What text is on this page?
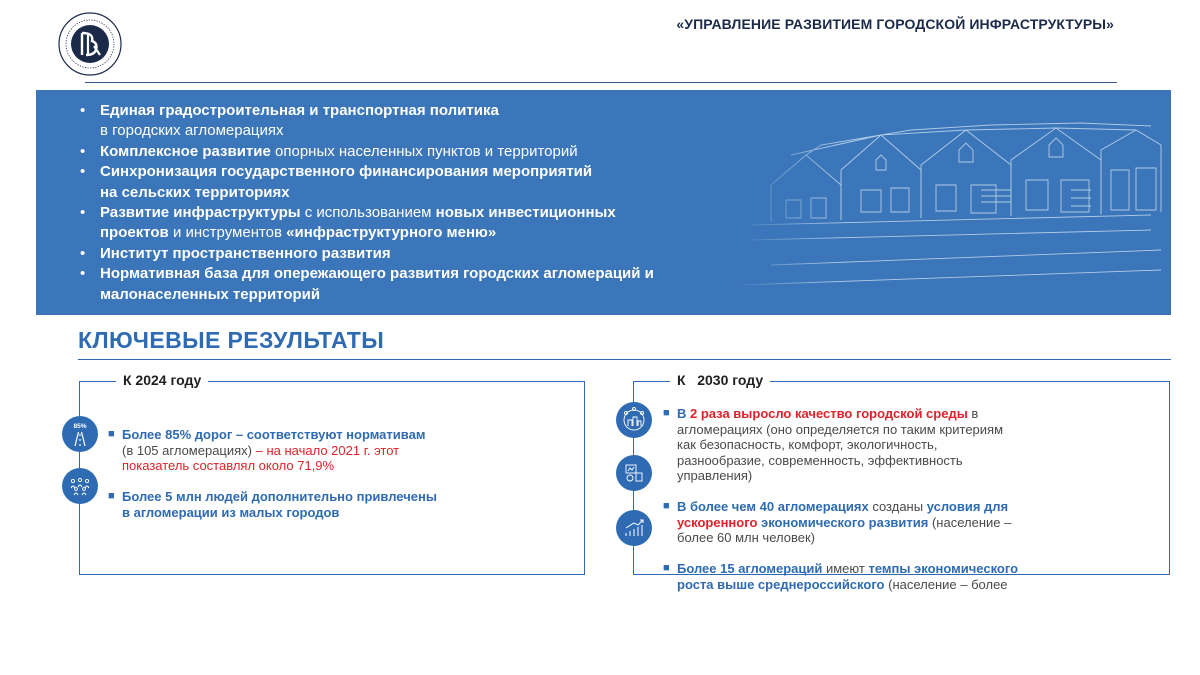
«УПРАВЛЕНИЕ РАЗВИТИЕМ ГОРОДСКОЙ ИНФРАСТРУКТУРЫ»
• Единая градостроительная и транспортная политика
в городских агломерациях
• Комплексное развитие опорных населенных пунктов и территорий
• Синхронизация государственного финансирования мероприятий
на сельских территориях
• Развитие инфраструктуры с использованием новых инвестиционных
проектов и инструментов «инфраструктурного меню»
• Институт пространственного развития
• Нормативная база для опережающего развития городских агломераций и
малонаселенных территорий
КЛЮЧЕВЫЕ РЕЗУЛЬТАТЫ
К 2024 году
85%
■ Более 85% дорог – соответствуют нормативам
(в 105 агломерациях) – на начало 2021 г. этот
показатель составлял около 71,9%
■ Более 5 млн людей дополнительно привлечены
в агломерации из малых городов
К   2030 году
■ В 2 раза выросло качество городской среды в
агломерациях (оно определяется по таким критериям
как безопасность, комфорт, экологичность,
разнообразие, современность, эффективность
управления)
■ В более чем 40 агломерациях созданы условия для
ускоренного экономического развития (население –
более 60 млн человек)
■ Более 15 агломераций имеют темпы экономического
роста выше среднероссийского (население – более
